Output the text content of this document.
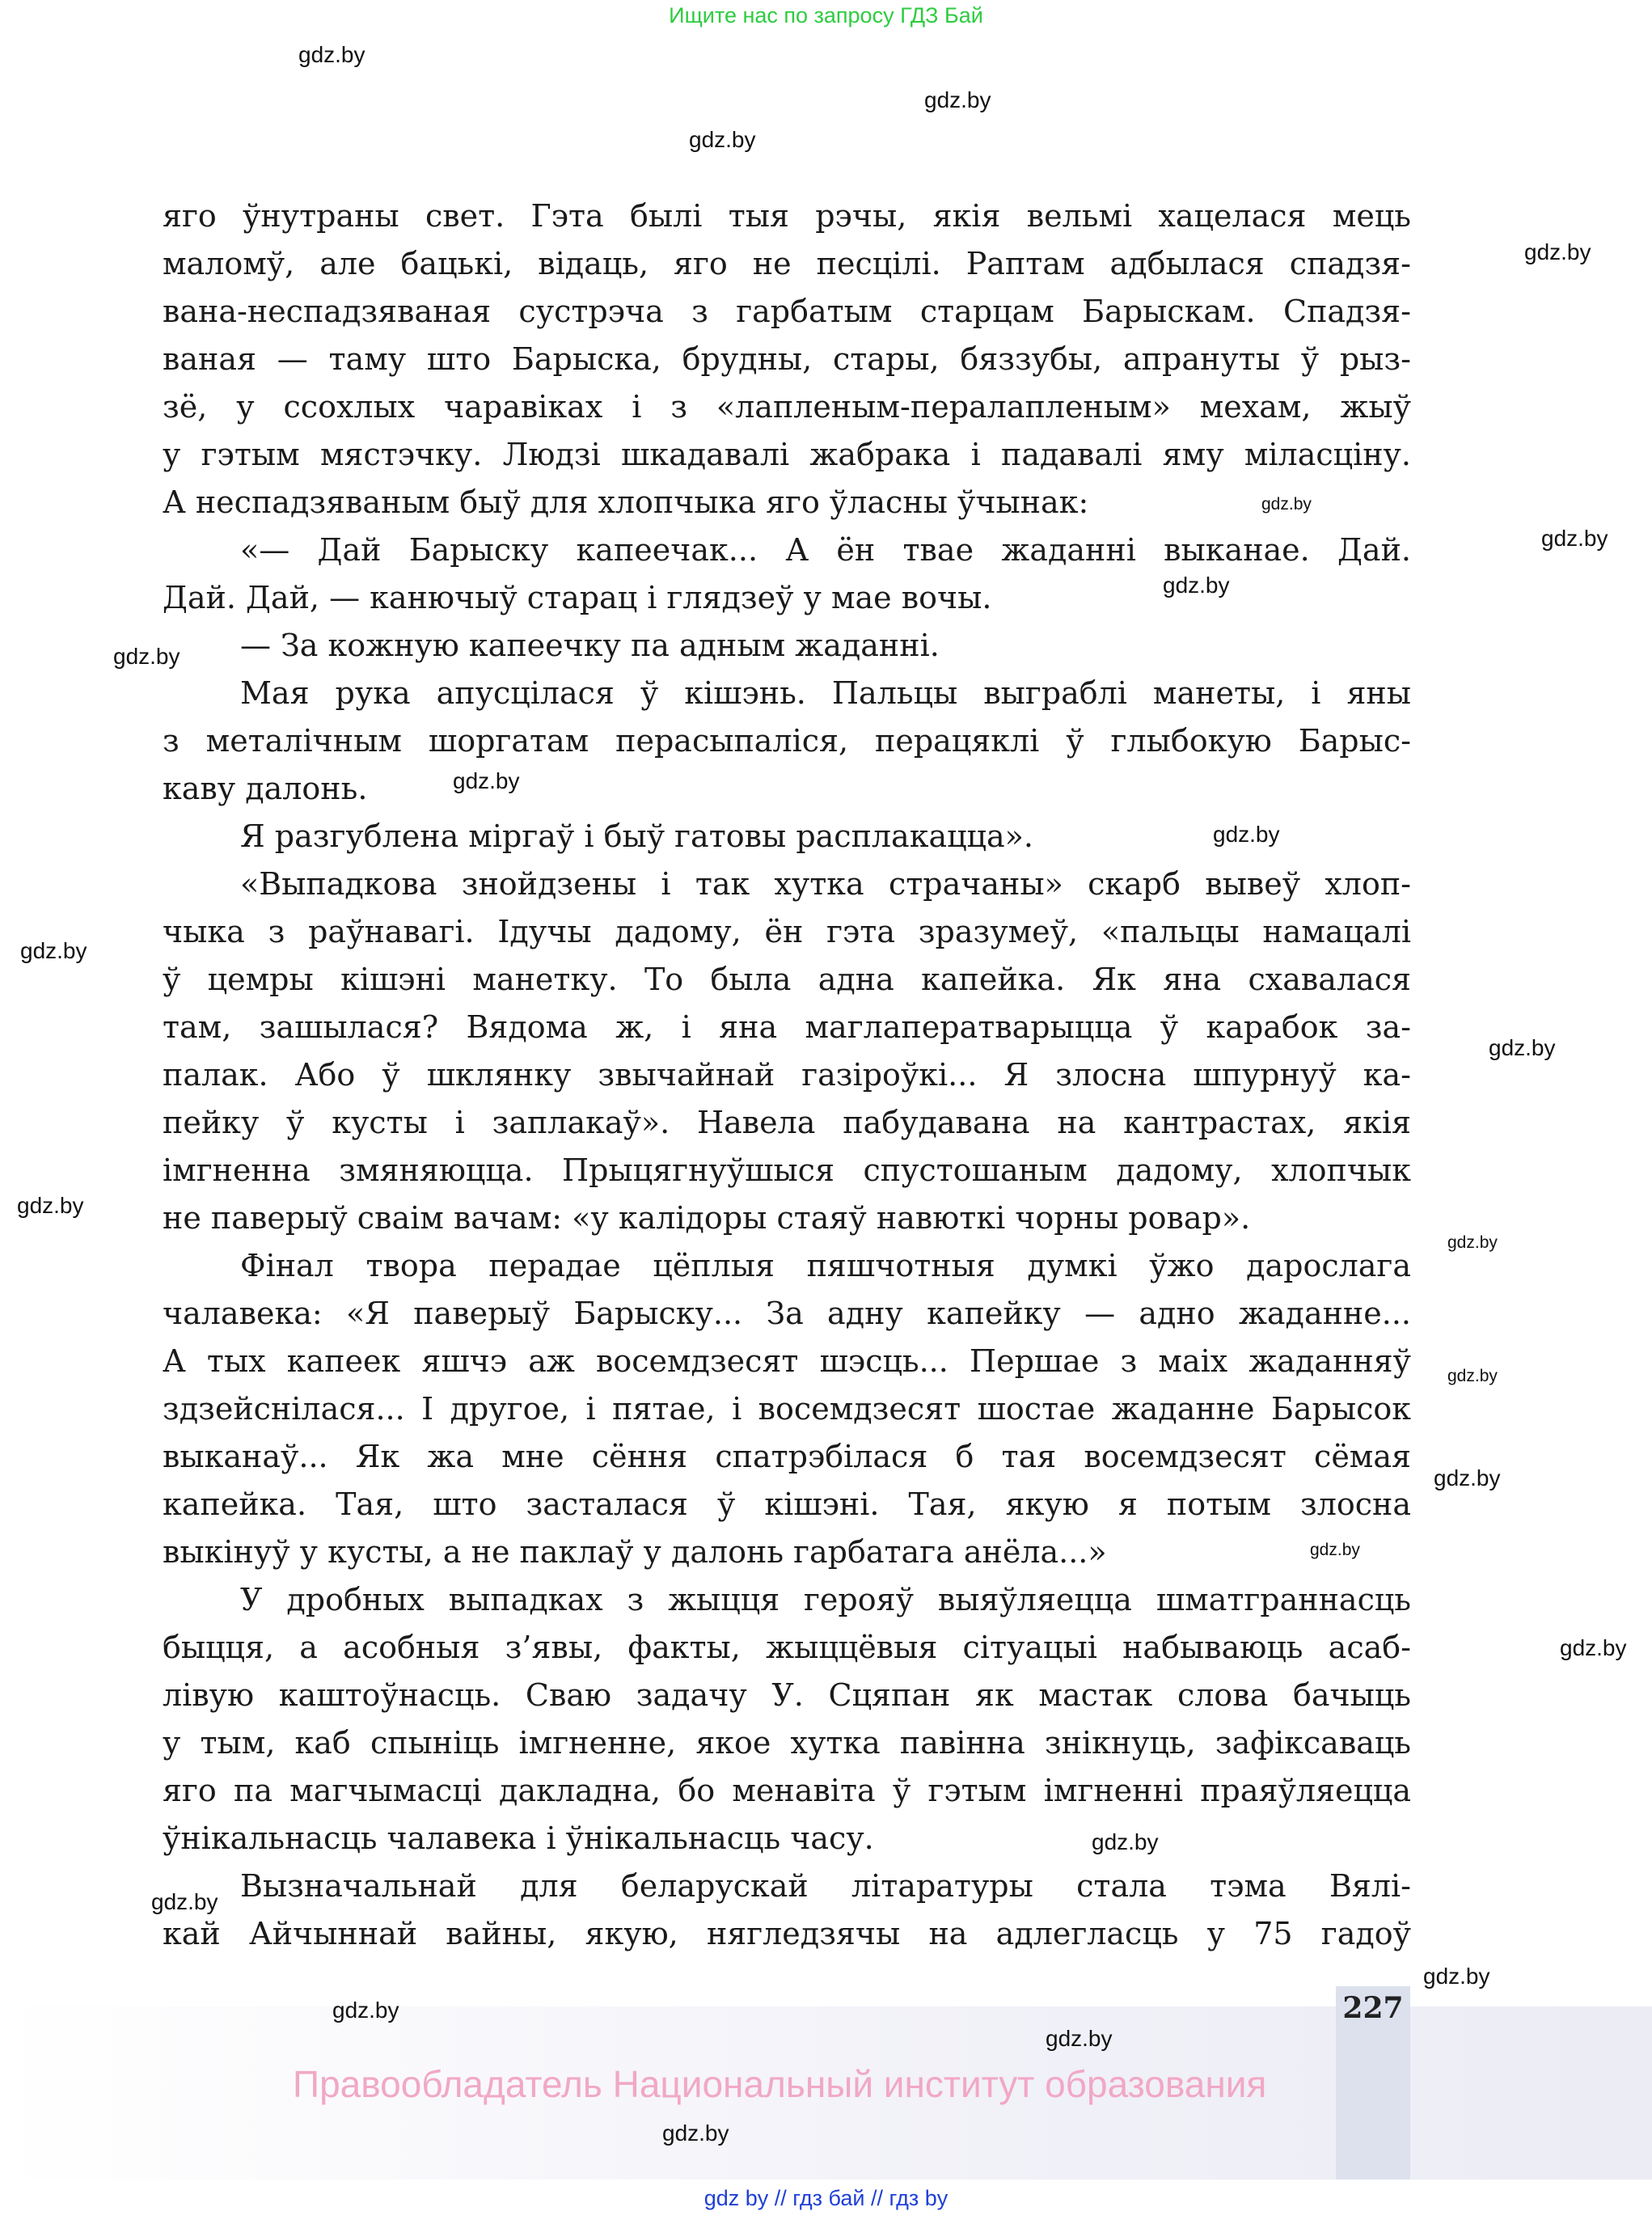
Ищите нас по запросу ГДЗ Бай
яго ўнутраны свет. Гэта былі тыя рэчы, якія вельмі хацелася мець
маломў, але бацькі, відаць, яго не песцілі. Раптам адбылася спадзя-
вана-неспадзяваная сустрэча з гарбатым старцам Барыскам. Спадзя-
ваная — таму што Барыска, брудны, стары, бяззубы, апрануты ў рыз-
зё, у ссохлых чаравіках і з «лапленым-пералапленым» мехам, жыў
у гэтым мястэчку. Людзі шкадавалі жабрака і падавалі яму міласціну.
А неспадзяваным быў для хлопчыка яго ўласны ўчынак:
«— Дай Барыску капеечак... А ён твае жаданні выканае. Дай.
Дай. Дай, — канючыў старац і глядзеў у мае вочы.
— За кожную капеечку па адным жаданні.
Мая рука апусцілася ў кішэнь. Пальцы выграблі манеты, і яны
з металічным шоргатам перасыпаліся, перацяклі ў глыбокую Барыс-
каву далонь.
Я разгублена міргаў і быў гатовы расплакацца».
«Выпадкова знойдзены і так хутка страчаны» скарб вывеў хлоп-
чыка з раўнавагі. Ідучы дадому, ён гэта зразумеў, «пальцы намацалі
ў цемры кішэні манетку. То была адна капейка. Як яна схавалася
там, зашылася? Вядома ж, і яна маглаператварыцца ў карабок за-
палак. Або ў шклянку звычайнай газіроўкі... Я злосна шпурнуў ка-
пейку ў кусты і заплакаў». Навела пабудавана на кантрастах, якія
імгненна змяняюцца. Прыцягнуўшыся спустошаным дадому, хлопчык
не паверыў сваім вачам: «у калідоры стаяў навюткі чорны ровар».
Фінал твора перадае цёплыя пяшчотныя думкі ўжо дарослага
чалавека: «Я паверыў Барыску... За адну капейку — адно жаданне...
А тых капеек яшчэ аж восемдзесят шэсць... Першае з маіх жаданняў
здзейснілася... І другое, і пятае, і восемдзесят шостае жаданне Барысок
выканаў... Як жа мне сёння спатрэбілася б тая восемдзесят сёмая
капейка. Тая, што засталася ў кішэні. Тая, якую я потым злосна
выкінуў у кусты, а не паклаў у далонь гарбатага анёла...»
У дробных выпадках з жыцця герояў выяўляецца шматграннасць
быцця, а асобныя з’явы, факты, жыццёвыя сітуацыі набываюць асаб-
лівую каштоўнасць. Сваю задачу У. Сцяпан як мастак слова бачыць
у тым, каб спыніць імгненне, якое хутка павінна знікнуць, зафіксаваць
яго па магчымасці дакладна, бо менавіта ў гэтым імгненні праяўляецца
ўнікальнасць чалавека і ўнікальнасць часу.
Вызначальнай для беларускай літаратуры стала тэма Вялі-
кай Айчыннай вайны, якую, нягледзячы на адлегласць у 75 гадоў
227
Правообладатель Национальный институт образования
gdz by // гдз бай // гдз by
gdz.by
gdz.by
gdz.by
gdz.by
gdz.by
gdz.by
gdz.by
gdz.by
gdz.by
gdz.by
gdz.by
gdz.by
gdz.by
gdz.by
gdz.by
gdz.by
gdz.by
gdz.by
gdz.by
gdz.by
gdz.by
gdz.by
gdz.by
gdz.by
